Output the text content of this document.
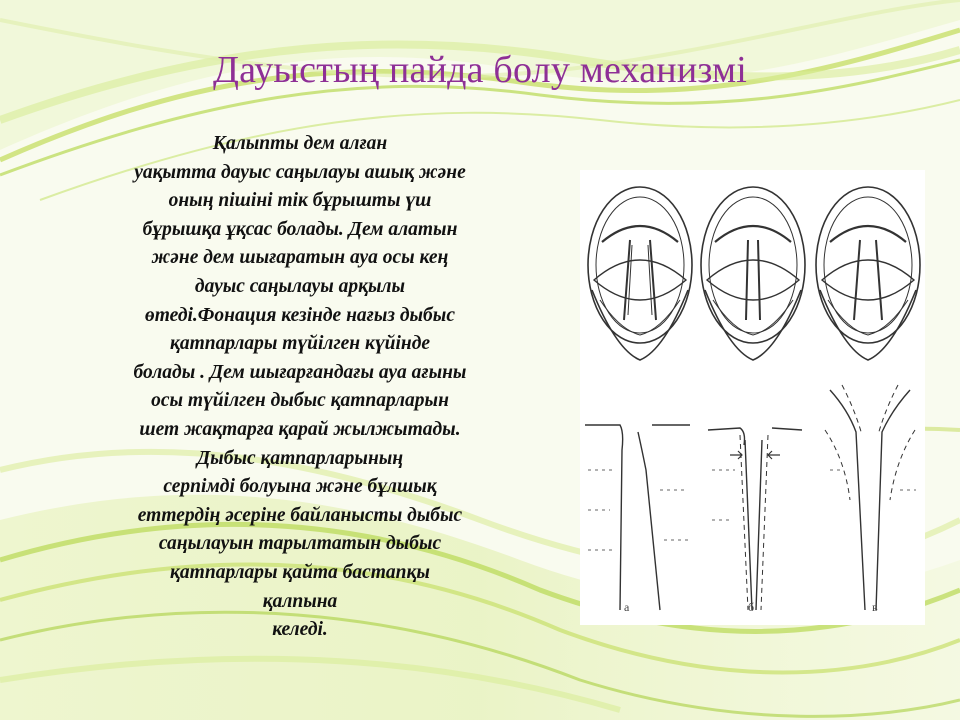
Дауыстың пайда болу механизмі
Қалыпты дем алған
уақытта дауыс саңылауы ашық және
оның пішіні тік бұрышты үш
бұрышқа ұқсас болады. Дем алатын
және дем шығаратын ауа осы кең
дауыс саңылауы арқылы
өтеді.Фонация кезінде нағыз дыбыс
қатпарлары түйілген күйінде
болады . Дем шығарғандағы ауа ағыны
осы түйілген дыбыс қатпарларын
шет жақтарға қарай жылжытады.
Дыбыс қатпарларының
серпімді болуына және бұлшық
еттердің әсеріне байланысты дыбыс
саңылауын тарылтатын дыбыс
қатпарлары қайта бастапқы
қалпына
келеді.
а	б	в
